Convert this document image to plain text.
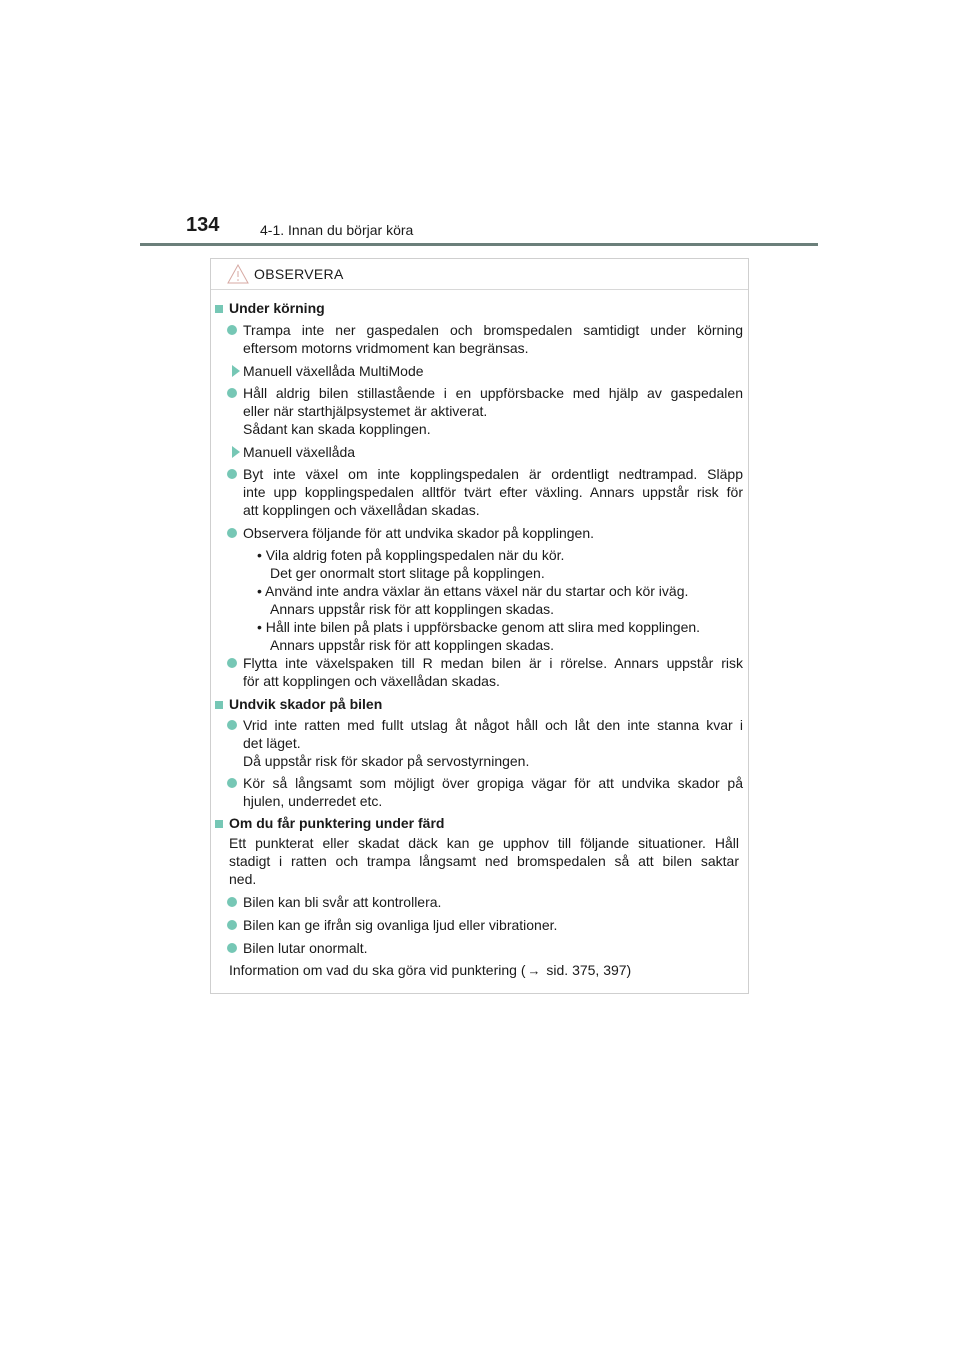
134	4-1. Innan du börjar köra
OBSERVERA
Under körning
Trampa inte ner gaspedalen och bromspedalen samtidigt under körning
eftersom motorns vridmoment kan begränsas.
Manuell växellåda MultiMode
Håll aldrig bilen stillastående i en uppförsbacke med hjälp av gaspedalen
eller när starthjälpsystemet är aktiverat.
Sådant kan skada kopplingen.
Manuell växellåda
Byt inte växel om inte kopplingspedalen är ordentligt nedtrampad. Släpp
inte upp kopplingspedalen alltför tvärt efter växling. Annars uppstår risk för
att kopplingen och växellådan skadas.
Observera följande för att undvika skador på kopplingen.
• Vila aldrig foten på kopplingspedalen när du kör.
Det ger onormalt stort slitage på kopplingen.
• Använd inte andra växlar än ettans växel när du startar och kör iväg.
Annars uppstår risk för att kopplingen skadas.
• Håll inte bilen på plats i uppförsbacke genom att slira med kopplingen.
Annars uppstår risk för att kopplingen skadas.
Flytta inte växelspaken till R medan bilen är i rörelse. Annars uppstår risk
för att kopplingen och växellådan skadas.
Undvik skador på bilen
Vrid inte ratten med fullt utslag åt något håll och låt den inte stanna kvar i
det läget.
Då uppstår risk för skador på servostyrningen.
Kör så långsamt som möjligt över gropiga vägar för att undvika skador på
hjulen, underredet etc.
Om du får punktering under färd
Ett punkterat eller skadat däck kan ge upphov till följande situationer. Håll
stadigt i ratten och trampa långsamt ned bromspedalen så att bilen saktar
ned.
Bilen kan bli svår att kontrollera.
Bilen kan ge ifrån sig ovanliga ljud eller vibrationer.
Bilen lutar onormalt.
Information om vad du ska göra vid punktering ( → sid. 375, 397)
